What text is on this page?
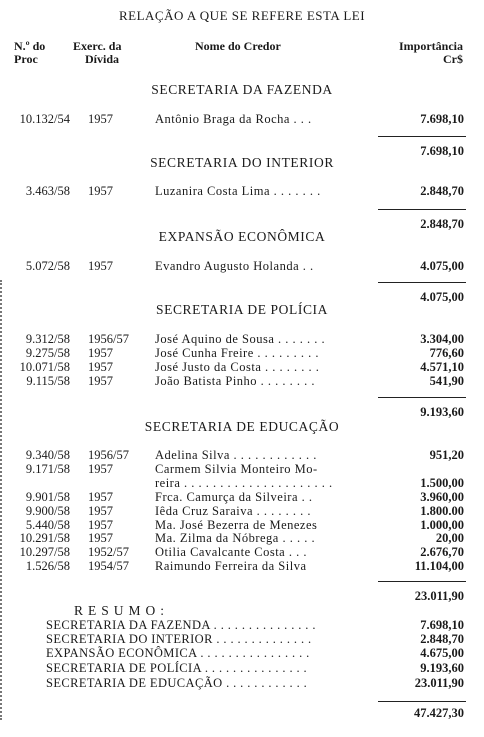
RELAÇÃO A QUE SE REFERE ESTA LEI
N.º do
Proc
Exerc. da
Dívida
Nome do Credor	Importância
Cr$
SECRETARIA DA FAZENDA
10.132/54 1957	Antônio Braga da Rocha . . .	7.698,10
7.698,10
SECRETARIA DO INTERIOR
3.463/58 1957	Luzanira Costa Lima . . . . . . .	2.848,70
2.848,70
EXPANSÃO ECONÔMICA
5.072/58 1957	Evandro Augusto Holanda . .	4.075,00
4.075,00
SECRETARIA DE POLÍCIA
9.312/58 1956/57 José Aquino de Sousa . . . . . . .	3.304,00
9.275/58 1957	José Cunha Freire . . . . . . . . .	776,60
10.071/58 1957	José Justo da Costa . . . . . . . .	4.571,10
9.115/58 1957	João Batista Pinho . . . . . . . .	541,90
9.193,60
SECRETARIA DE EDUCAÇÃO
9.340/58 1956/57 Adelina Silva . . . . . . . . . . . .	951,20
9.171/58 1957	Carmem Silvia Monteiro Mo-
reira . . . . . . . . . . . . . . . . . . . . .	1.500,00
9.901/58 1957	Frca. Camurça da Silveira . .	3.960,00
9.900/58 1957	Iêda Cruz Saraiva . . . . . . . .	1.800.00
5.440/58 1957	Ma. José Bezerra de Menezes	1.000,00
10.291/58 1957	Ma. Zilma da Nóbrega . . . . .	20,00
10.297/58 1952/57 Otilia Cavalcante Costa . . .	2.676,70
1.526/58 1954/57 Raimundo Ferreira da Silva	11.104,00
23.011,90
RESUMO:
SECRETARIA DA FAZENDA . . . . . . . . . . . . . . .	7.698,10
SECRETARIA DO INTERIOR . . . . . . . . . . . . . .	2.848,70
EXPANSÃO ECONÔMICA . . . . . . . . . . . . . . . .	4.675,00
SECRETARIA DE POLÍCIA . . . . . . . . . . . . . . .	9.193,60
SECRETARIA DE EDUCAÇÃO . . . . . . . . . . . .	23.011,90
47.427,30
